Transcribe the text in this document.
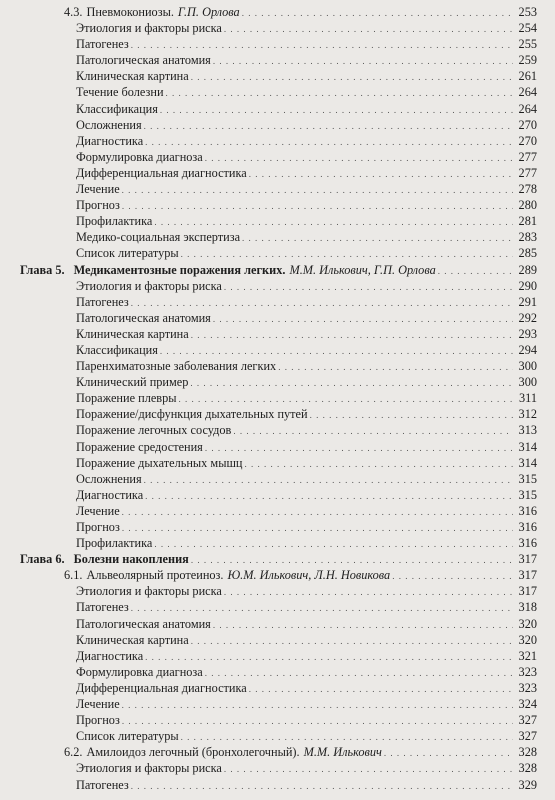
4.3. Пневмокониозы. Г.П. Орлова . . .	253
Этиология и факторы риска . . .	254
Патогенез . . .	255
Патологическая анатомия . . .	259
Клиническая картина . . .	261
Течение болезни . . .	264
Классификация . . .	264
Осложнения . . .	270
Диагностика . . .	270
Формулировка диагноза . . .	277
Дифференциальная диагностика . . .	277
Лечение . . .	278
Прогноз . . .	280
Профилактика . . .	281
Медико-социальная экспертиза . . .	283
Список литературы . . .	285
Глава 5. Медикаментозные поражения легких. М.М. Илькович, Г.П. Орлова . . .	289
Этиология и факторы риска . . .	290
Патогенез . . .	291
Патологическая анатомия . . .	292
Клиническая картина . . .	293
Классификация . . .	294
Паренхиматозные заболевания легких . . .	300
Клинический пример . . .	300
Поражение плевры . . .	311
Поражение/дисфункция дыхательных путей . . .	312
Поражение легочных сосудов . . .	313
Поражение средостения . . .	314
Поражение дыхательных мышц . . .	314
Осложнения . . .	315
Диагностика . . .	315
Лечение . . .	316
Прогноз . . .	316
Профилактика . . .	316
Глава 6. Болезни накопления . . .	317
6.1. Альвеолярный протеиноз. Ю.М. Илькович, Л.Н. Новикова . . .	317
Этиология и факторы риска . . .	317
Патогенез . . .	318
Патологическая анатомия . . .	320
Клиническая картина . . .	320
Диагностика . . .	321
Формулировка диагноза . . .	323
Дифференциальная диагностика . . .	323
Лечение . . .	324
Прогноз . . .	327
Список литературы . . .	327
6.2. Амилоидоз легочный (бронхолегочный). М.М. Илькович . . .	328
Этиология и факторы риска . . .	328
Патогенез . . .	329
